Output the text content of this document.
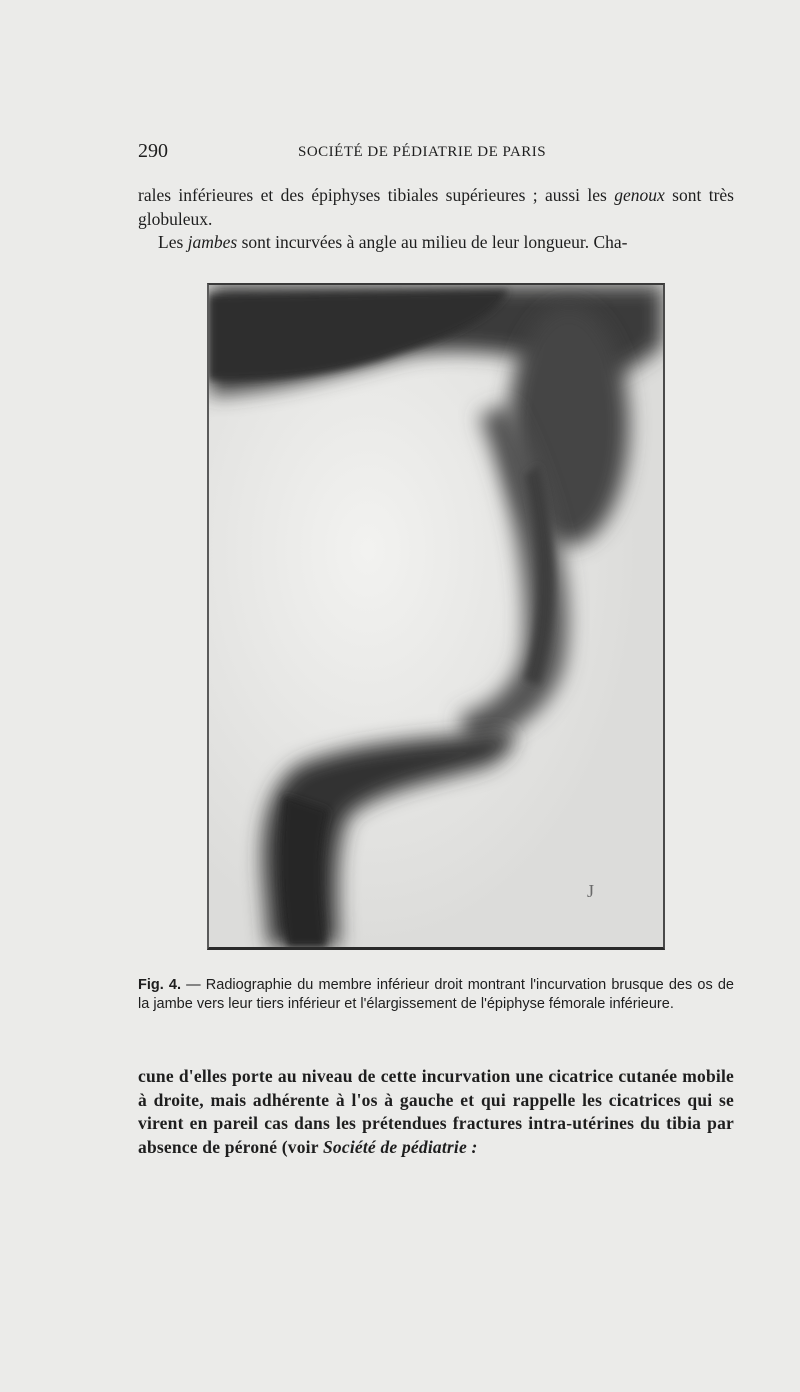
290	SOCIÉTÉ DE PÉDIATRIE DE PARIS

rales inférieures et des épiphyses tibiales supérieures ; aussi les genoux sont très globuleux.

Les jambes sont incurvées à angle au milieu de leur longueur. Cha-

J

Fig. 4. — Radiographie du membre inférieur droit montrant l'incurvation brusque des os de la jambe vers leur tiers inférieur et l'élargissement de l'épiphyse fémorale inférieure.

cune d'elles porte au niveau de cette incurvation une cicatrice cutanée mobile à droite, mais adhérente à l'os à gauche et qui rappelle les cicatrices qui se virent en pareil cas dans les prétendues fractures intra-utérines du tibia par absence de péroné (voir Société de pédiatrie :
